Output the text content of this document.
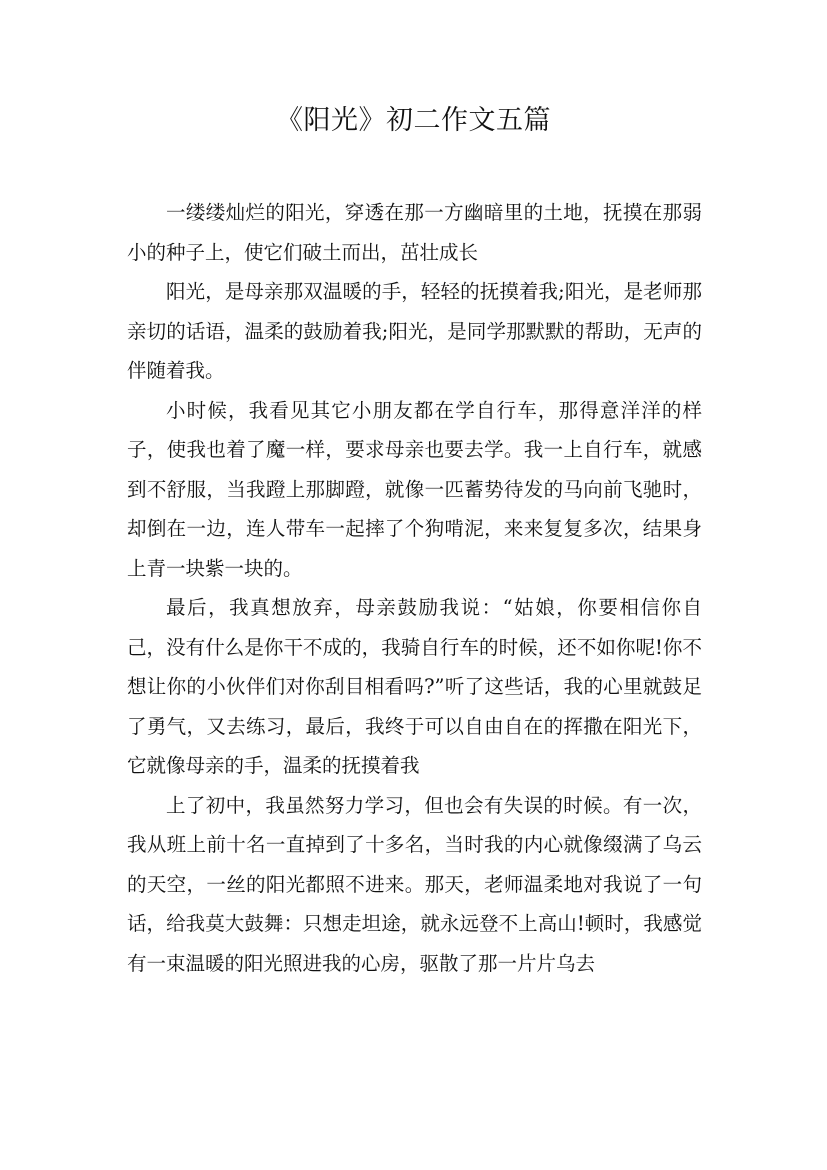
《阳光》初二作文五篇

一缕缕灿烂的阳光，穿透在那一方幽暗里的土地，抚摸在那弱小的种子上，使它们破土而出，茁壮成长

阳光，是母亲那双温暖的手，轻轻的抚摸着我;阳光，是老师那亲切的话语，温柔的鼓励着我;阳光，是同学那默默的帮助，无声的伴随着我。

小时候，我看见其它小朋友都在学自行车，那得意洋洋的样子，使我也着了魔一样，要求母亲也要去学。我一上自行车，就感到不舒服，当我蹬上那脚蹬，就像一匹蓄势待发的马向前飞驰时，却倒在一边，连人带车一起摔了个狗啃泥，来来复复多次，结果身上青一块紫一块的。

最后，我真想放弃，母亲鼓励我说：“姑娘，你要相信你自己，没有什么是你干不成的，我骑自行车的时候，还不如你呢!你不想让你的小伙伴们对你刮目相看吗?”听了这些话，我的心里就鼓足了勇气，又去练习，最后，我终于可以自由自在的挥撒在阳光下，它就像母亲的手，温柔的抚摸着我

上了初中，我虽然努力学习，但也会有失误的时候。有一次，我从班上前十名一直掉到了十多名，当时我的内心就像缀满了乌云的天空，一丝的阳光都照不进来。那天，老师温柔地对我说了一句话，给我莫大鼓舞：只想走坦途，就永远登不上高山!顿时，我感觉有一束温暖的阳光照进我的心房，驱散了那一片片乌去
